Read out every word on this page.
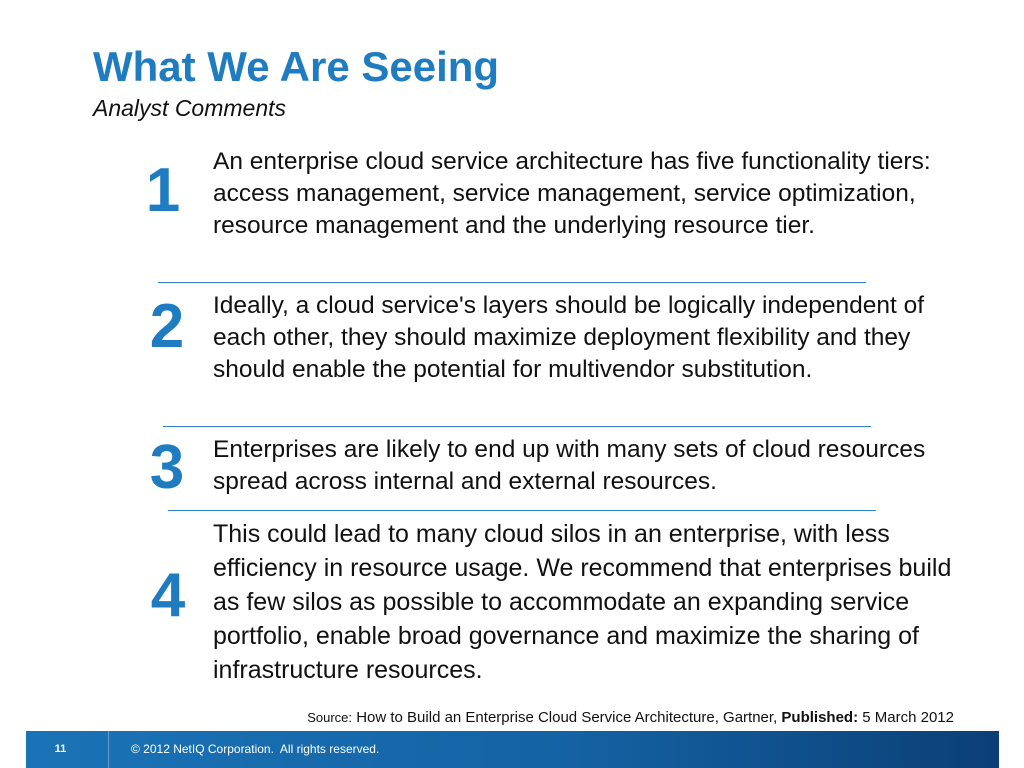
What We Are Seeing

Analyst Comments

1	An enterprise cloud service architecture has five functionality tiers: access management, service management, service optimization, resource management and the underlying resource tier.

2	Ideally, a cloud service's layers should be logically independent of each other, they should maximize deployment flexibility and they should enable the potential for multivendor substitution.

3	Enterprises are likely to end up with many sets of cloud resources spread across internal and external resources.

4

This could lead to many cloud silos in an enterprise, with less efficiency in resource usage. We recommend that enterprises build as few silos as possible to accommodate an expanding service portfolio, enable broad governance and maximize the sharing of infrastructure resources.

Source: How to Build an Enterprise Cloud Service Architecture, Gartner, Published: 5 March 2012
11	© 2012 NetIQ Corporation.  All rights reserved.
